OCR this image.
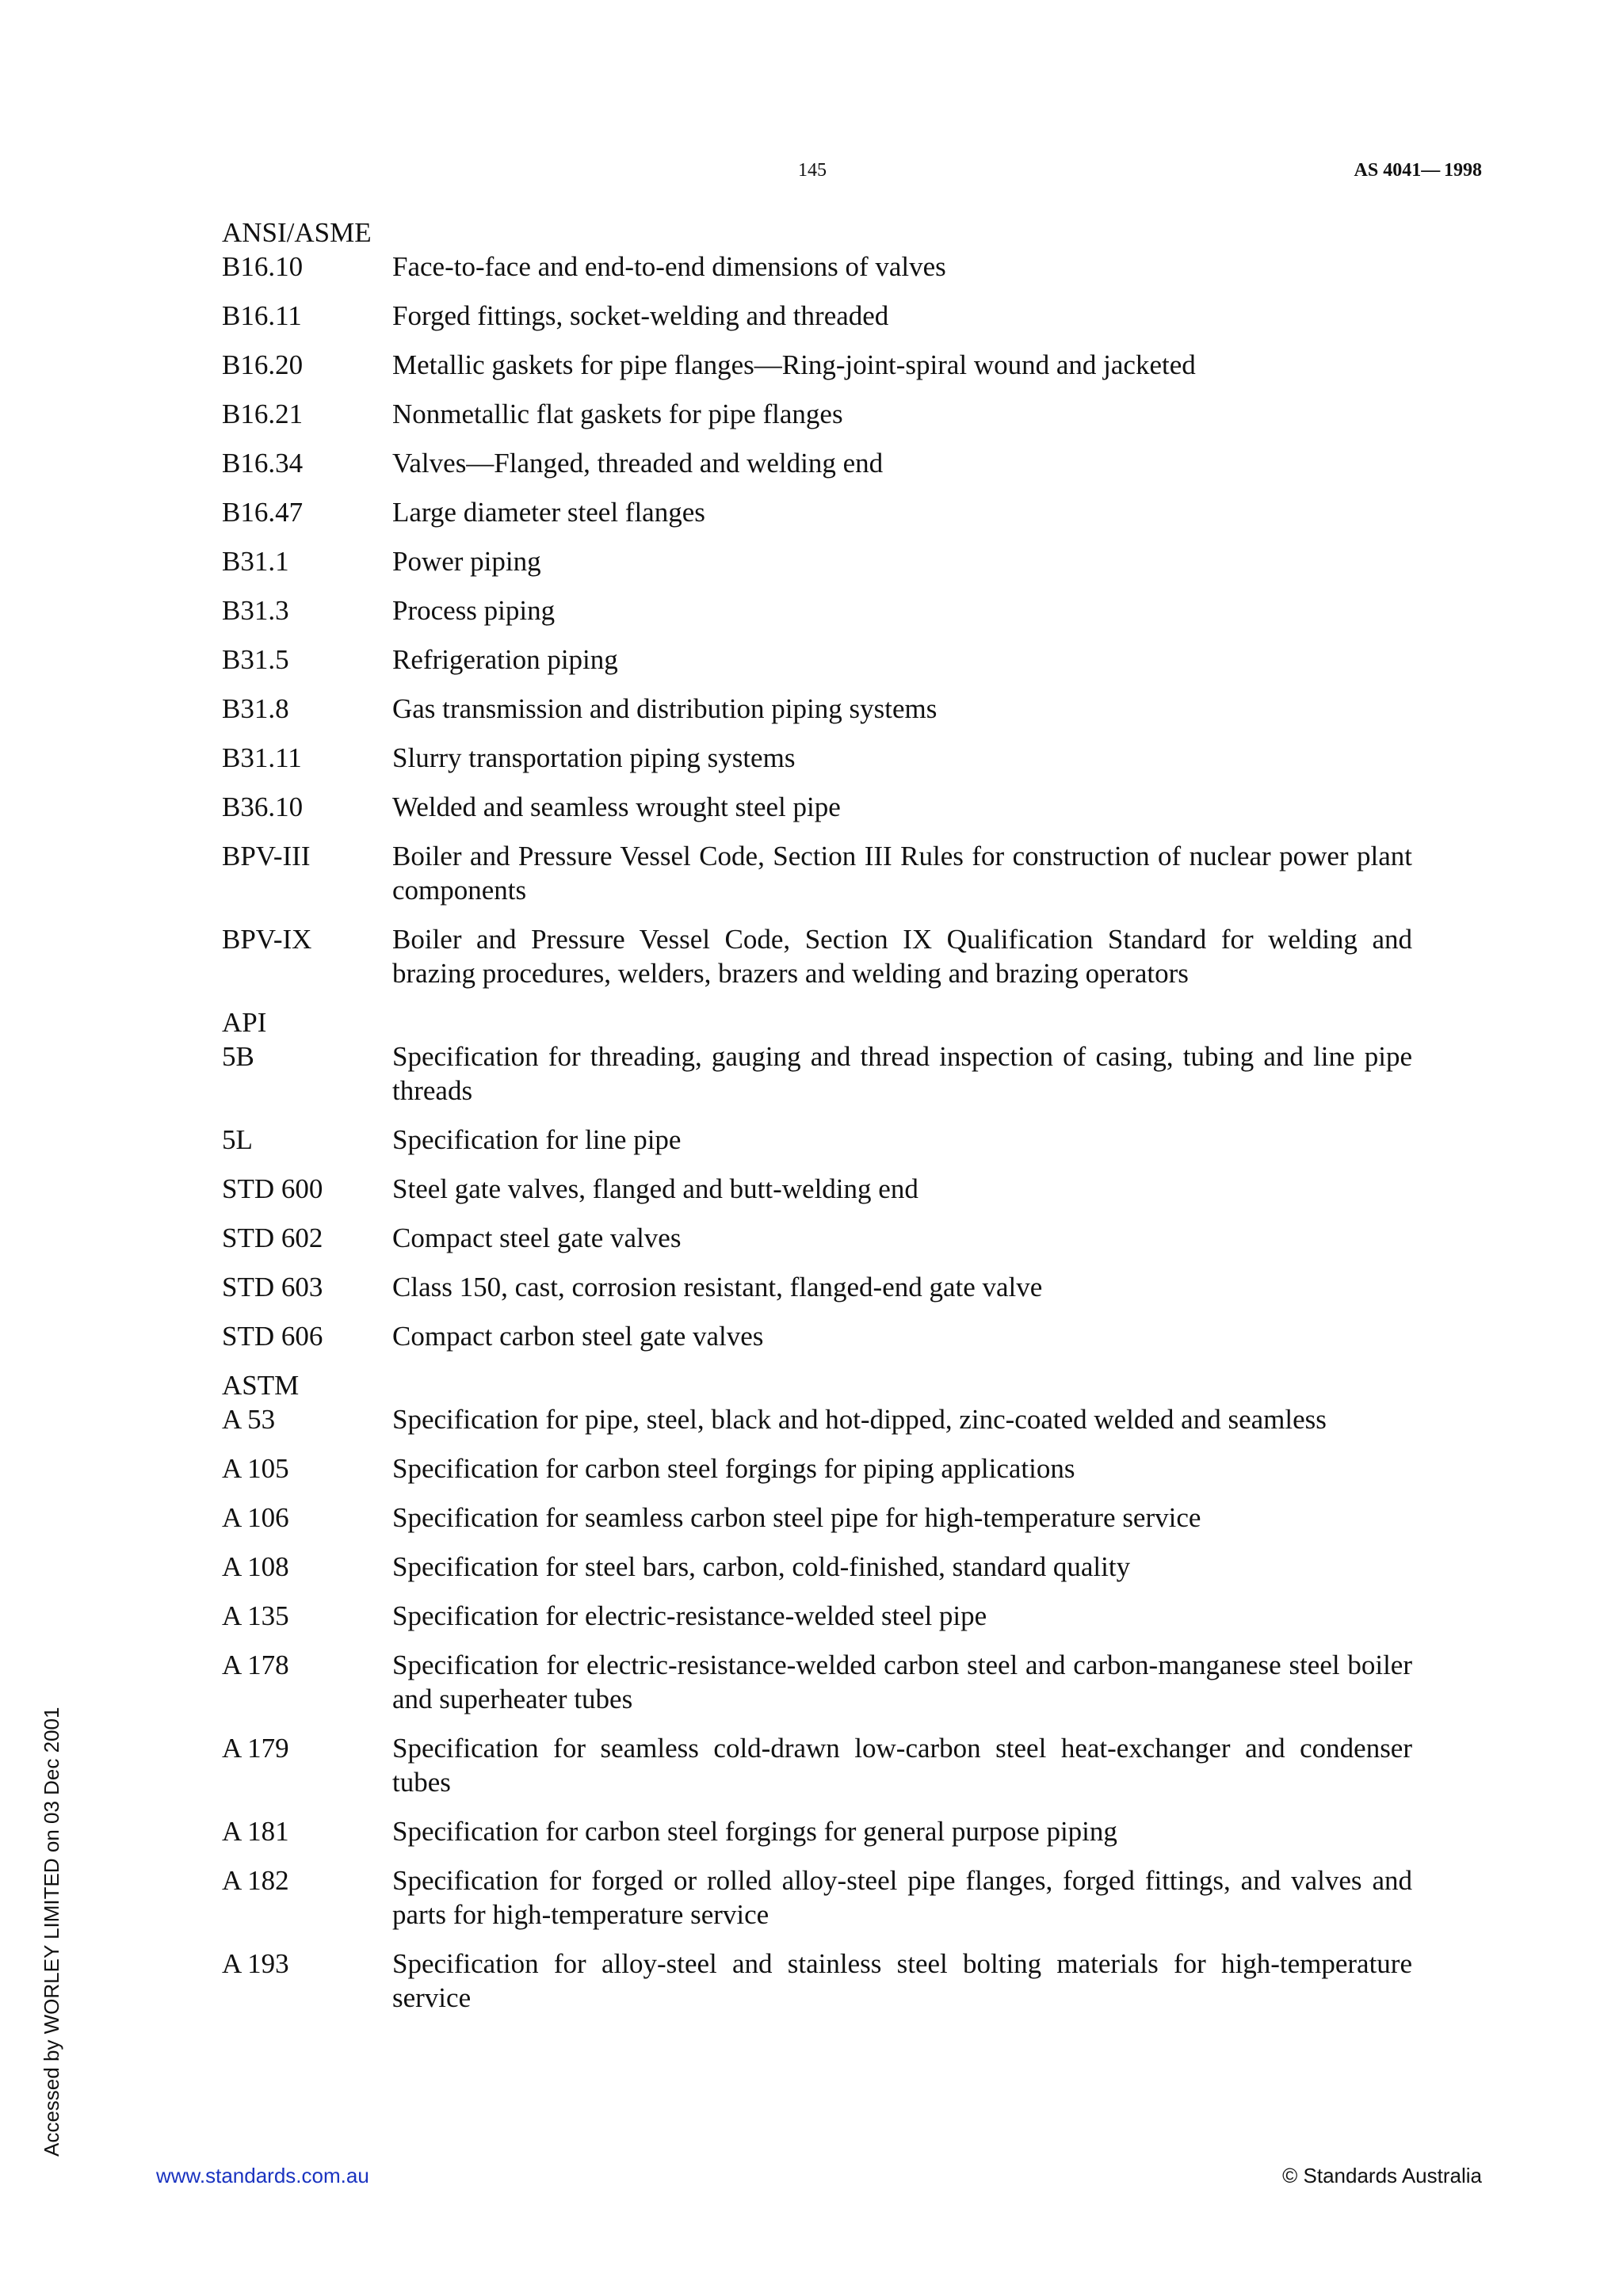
145	AS 4041— 1998
ANSI/ASME
B16.10	Face-to-face and end-to-end dimensions of valves
B16.11	Forged fittings, socket-welding and threaded
B16.20	Metallic gaskets for pipe flanges—Ring-joint-spiral wound and jacketed
B16.21	Nonmetallic flat gaskets for pipe flanges
B16.34	Valves—Flanged, threaded and welding end
B16.47	Large diameter steel flanges
B31.1	Power piping
B31.3	Process piping
B31.5	Refrigeration piping
B31.8	Gas transmission and distribution piping systems
B31.11	Slurry transportation piping systems
B36.10	Welded and seamless wrought steel pipe
BPV-III	Boiler and Pressure Vessel Code, Section III Rules for construction of nuclear power plant components
BPV-IX	Boiler and Pressure Vessel Code, Section IX Qualification Standard for welding and brazing procedures, welders, brazers and welding and brazing operators
API
5B	Specification for threading, gauging and thread inspection of casing, tubing and line pipe threads
5L	Specification for line pipe
STD 600	Steel gate valves, flanged and butt-welding end
STD 602	Compact steel gate valves
STD 603	Class 150, cast, corrosion resistant, flanged-end gate valve
STD 606	Compact carbon steel gate valves
ASTM
A 53	Specification for pipe, steel, black and hot-dipped, zinc-coated welded and seamless
A 105	Specification for carbon steel forgings for piping applications
A 106	Specification for seamless carbon steel pipe for high-temperature service
A 108	Specification for steel bars, carbon, cold-finished, standard quality
A 135	Specification for electric-resistance-welded steel pipe
A 178	Specification for electric-resistance-welded carbon steel and carbon-manganese steel boiler and superheater tubes
A 179	Specification for seamless cold-drawn low-carbon steel heat-exchanger and condenser tubes
A 181	Specification for carbon steel forgings for general purpose piping
A 182	Specification for forged or rolled alloy-steel pipe flanges, forged fittings, and valves and parts for high-temperature service
A 193	Specification for alloy-steel and stainless steel bolting materials for high-temperature service
Accessed by WORLEY LIMITED on 03 Dec 2001
www.standards.com.au	© Standards Australia
